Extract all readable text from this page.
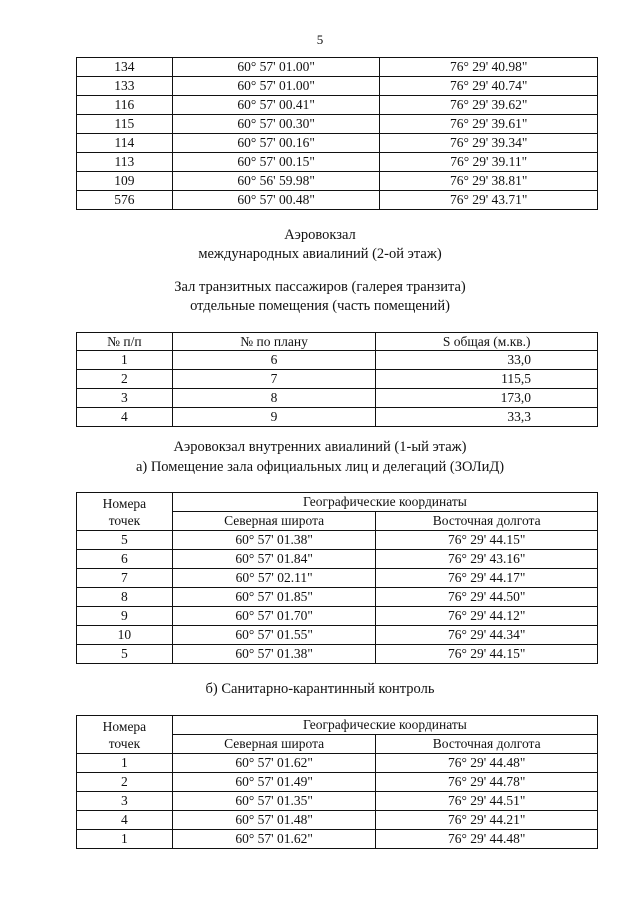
5
134	60° 57' 01.00"	76° 29' 40.98"
133	60° 57' 01.00"	76° 29' 40.74"
116	60° 57' 00.41"	76° 29' 39.62"
115	60° 57' 00.30"	76° 29' 39.61"
114	60° 57' 00.16"	76° 29' 39.34"
113	60° 57' 00.15"	76° 29' 39.11"
109	60° 56' 59.98"	76° 29' 38.81"
576	60° 57' 00.48"	76° 29' 43.71"
Аэровокзал
международных авиалиний (2-ой этаж)
Зал транзитных пассажиров (галерея транзита)
отдельные помещения (часть помещений)
№ п/п	№ по плану	S общая (м.кв.)
1	6	33,0
2	7	115,5
3	8	173,0
4	9	33,3
Аэровокзал внутренних авиалиний (1-ый этаж)
а) Помещение зала официальных лиц и делегаций (ЗОЛиД)
Номера
точек	Географические координаты	
	Северная широта	Восточная долгота
5	60° 57' 01.38"	76° 29' 44.15"
6	60° 57' 01.84"	76° 29' 43.16"
7	60° 57' 02.11"	76° 29' 44.17"
8	60° 57' 01.85"	76° 29' 44.50"
9	60° 57' 01.70"	76° 29' 44.12"
10	60° 57' 01.55"	76° 29' 44.34"
5	60° 57' 01.38"	76° 29' 44.15"
б) Санитарно-карантинный контроль
Номера
точек	Географические координаты	
	Северная широта	Восточная долгота
1	60° 57' 01.62"	76° 29' 44.48"
2	60° 57' 01.49"	76° 29' 44.78"
3	60° 57' 01.35"	76° 29' 44.51"
4	60° 57' 01.48"	76° 29' 44.21"
1	60° 57' 01.62"	76° 29' 44.48"
